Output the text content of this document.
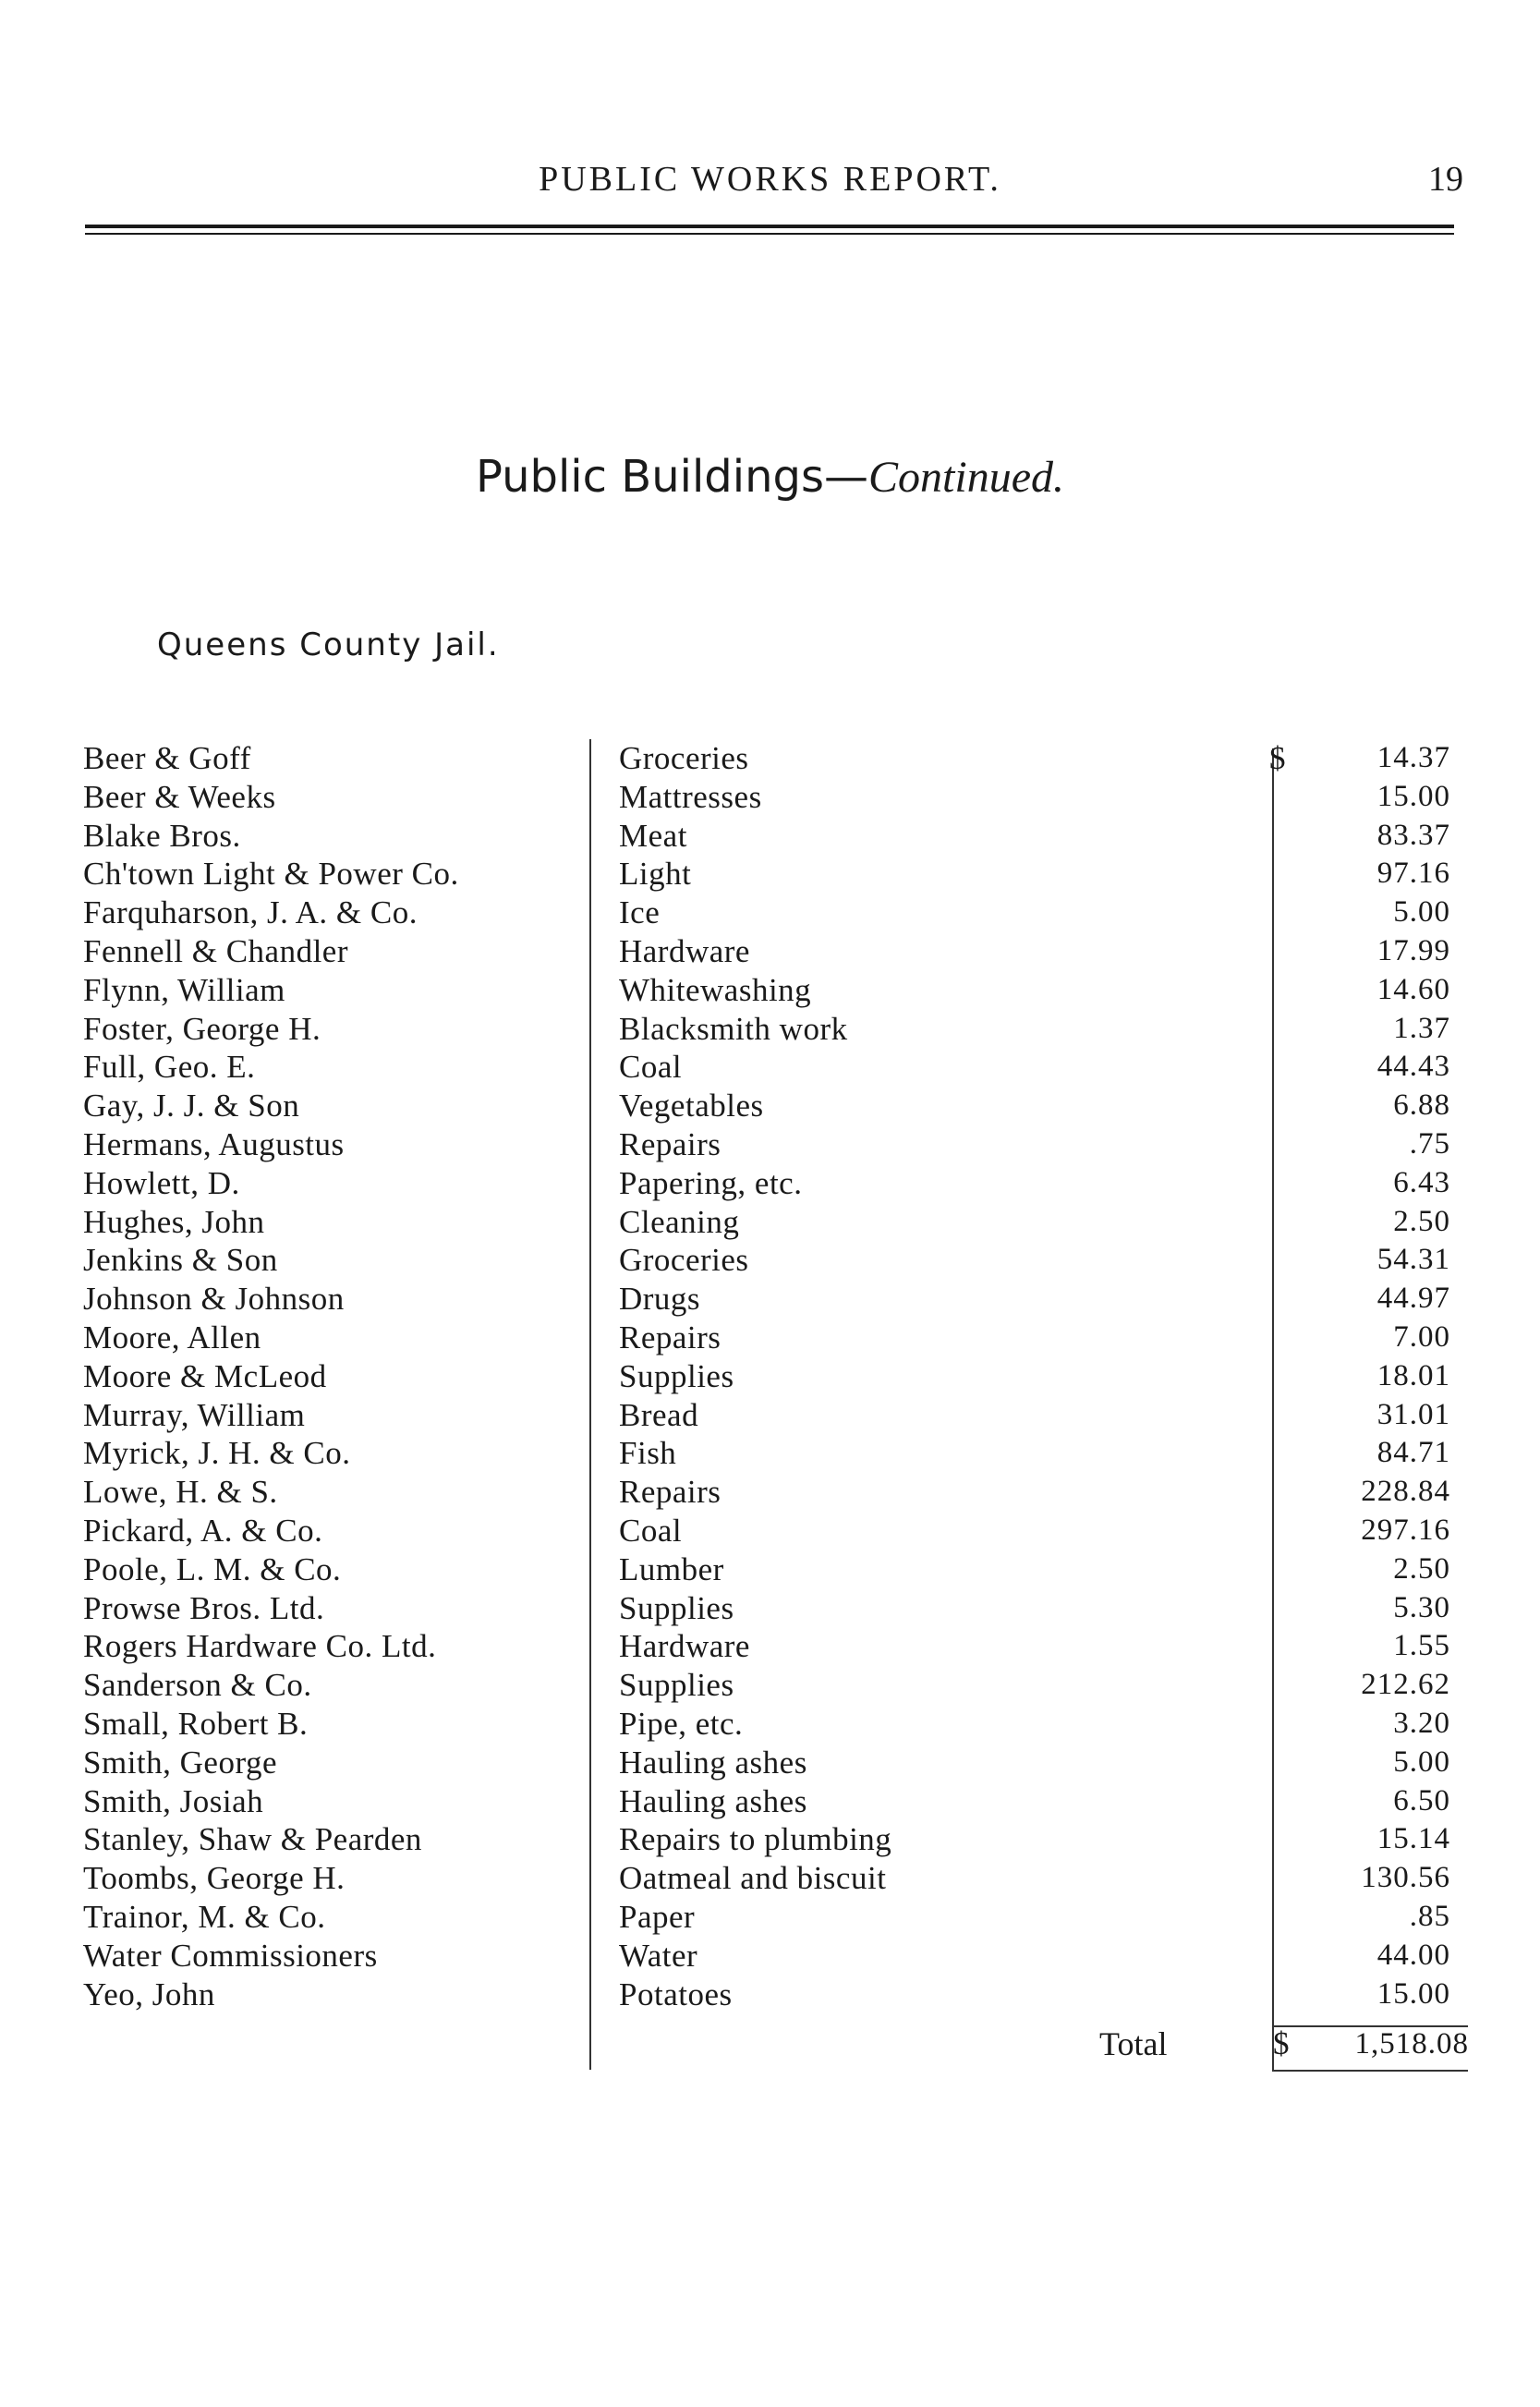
PUBLIC WORKS REPORT.	19
Public Buildings—Continued.
Queens County Jail.
Beer & Goff	Groceries	14.37
Beer & Weeks	Mattresses	15.00
Blake Bros.	Meat	83.37
Ch'town Light & Power Co.	Light	97.16
Farquharson, J. A. & Co.	Ice	5.00
Fennell & Chandler	Hardware	17.99
Flynn, William	Whitewashing	14.60
Foster, George H.	Blacksmith work	1.37
Full, Geo. E.	Coal	44.43
Gay, J. J. & Son	Vegetables	6.88
Hermans, Augustus	Repairs	.75
Howlett, D.	Papering, etc.	6.43
Hughes, John	Cleaning	2.50
Jenkins & Son	Groceries	54.31
Johnson & Johnson	Drugs	44.97
Moore, Allen	Repairs	7.00
Moore & McLeod	Supplies	18.01
Murray, William	Bread	31.01
Myrick, J. H. & Co.	Fish	84.71
Lowe, H. & S.	Repairs	228.84
Pickard, A. & Co.	Coal	297.16
Poole, L. M. & Co.	Lumber	2.50
Prowse Bros. Ltd.	Supplies	5.30
Rogers Hardware Co. Ltd.	Hardware	1.55
Sanderson & Co.	Supplies	212.62
Small, Robert B.	Pipe, etc.	3.20
Smith, George	Hauling ashes	5.00
Smith, Josiah	Hauling ashes	6.50
Stanley, Shaw & Pearden	Repairs to plumbing	15.14
Toombs, George H.	Oatmeal and biscuit	130.56
Trainor, M. & Co.	Paper	.85
Water Commissioners	Water	44.00
Yeo, John	Potatoes	15.00
$
Total	$	1,518.08
